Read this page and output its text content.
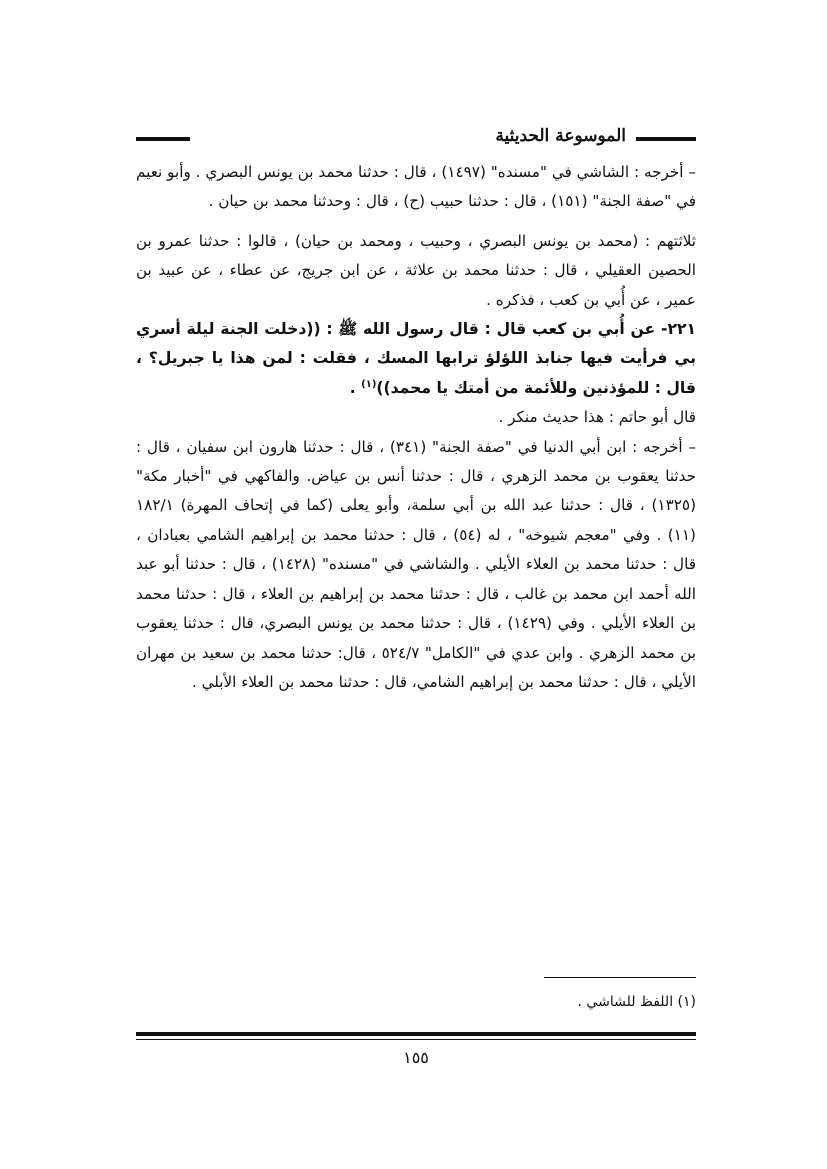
الموسوعة الحديثية

– أخرجه : الشاشي في "مسنده" (١٤٩٧) ، قال : حدثنا محمد بن يونس البصري . وأبو نعيم في "صفة الجنة" (١٥١) ، قال : حدثنا حبيب (ح) ، قال : وحدثنا محمد بن حيان .

ثلاثتهم : (محمد بن يونس البصري ، وحبيب ، ومحمد بن حيان) ، قالوا : حدثنا عمرو بن الحصين العقيلي ، قال : حدثنا محمد بن علاثة ، عن ابن جريج، عن عطاء ، عن عبيد بن عمير ، عن أُبي بن كعب ، فذكره .

٢٢١- عن أُبي بن كعب قال : قال رسول الله ﷺ : ((دخلت الجنة ليلة أسري بي فرأيت فيها جنابذ اللؤلؤ ترابها المسك ، فقلت : لمن هذا يا جبريل؟ ، قال : للمؤذنين وللأئمة من أمتك يا محمد))$^{(١)}$ .

قال أبو حاتم : هذا حديث منكر .

– أخرجه : ابن أبي الدنيا في "صفة الجنة" (٣٤١) ، قال : حدثنا هارون ابن سفيان ، قال : حدثنا يعقوب بن محمد الزهري ، قال : حدثنا أنس بن عياض. والفاكهي في "أخبار مكة" (١٣٢٥) ، قال : حدثنا عبد الله بن أبي سلمة، وأبو يعلى (كما في إتحاف المهرة) ١٨٢/١ (١١) . وفي "معجم شيوخه" ، له (٥٤) ، قال : حدثنا محمد بن إبراهيم الشامي بعبادان ، قال : حدثنا محمد بن العلاء الأيلي . والشاشي في "مسنده" (١٤٢٨) ، قال : حدثنا أبو عبد الله أحمد ابن محمد بن غالب ، قال : حدثنا محمد بن إبراهيم بن العلاء ، قال : حدثنا محمد بن العلاء الأيلي . وفي (١٤٢٩) ، قال : حدثنا محمد بن يونس البصري، قال : حدثنا يعقوب بن محمد الزهري . وابن عدي في "الكامل" ٥٢٤/٧ ، قال: حدثنا محمد بن سعيد بن مهران الأيلي ، قال : حدثنا محمد بن إبراهيم الشامي، قال : حدثنا محمد بن العلاء الأبلي .

(١) اللفظ للشاشي .
١٥٥
